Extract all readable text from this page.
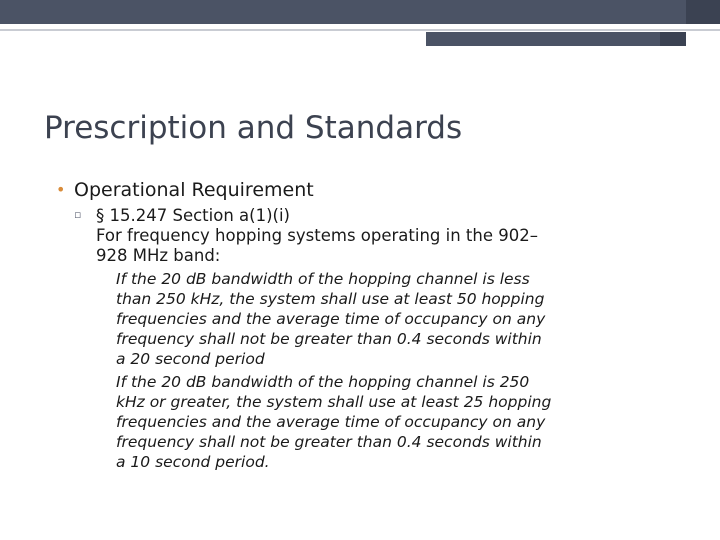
Prescription and Standards
• Operational Requirement
▫ § 15.247 Section a(1)(i)
For frequency hopping systems operating in the 902–
928 MHz band:
If the 20 dB bandwidth of the hopping channel is less
than 250 kHz, the system shall use at least 50 hopping
frequencies and the average time of occupancy on any
frequency shall not be greater than 0.4 seconds within
a 20 second period
If the 20 dB bandwidth of the hopping channel is 250
kHz or greater, the system shall use at least 25 hopping
frequencies and the average time of occupancy on any
frequency shall not be greater than 0.4 seconds within
a 10 second period.
